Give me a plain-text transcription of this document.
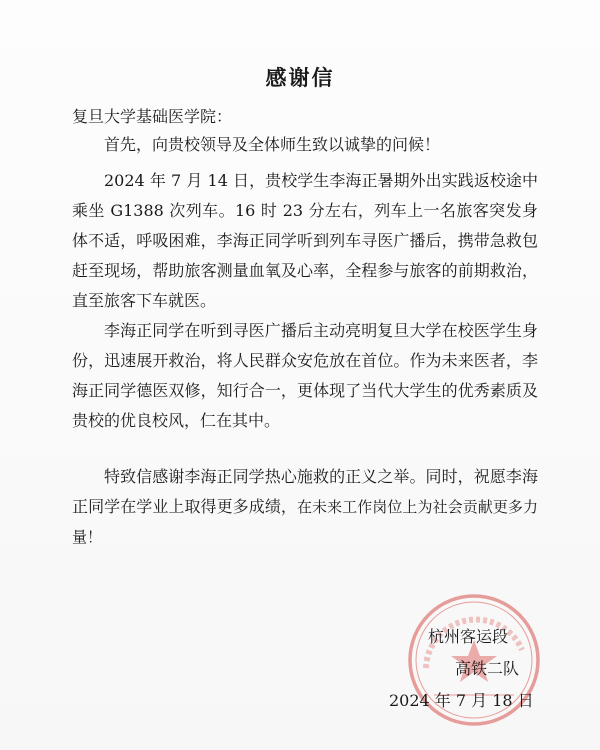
感谢信
复旦大学基础医学院：

首先，向贵校领导及全体师生致以诚挚的问候！

2024 年 7 月 14 日，贵校学生李海正暑期外出实践返校途中乘坐 G1388 次列车。16 时 23 分左右，列车上一名旅客突发身体不适，呼吸困难，李海正同学听到列车寻医广播后，携带急救包赶至现场，帮助旅客测量血氧及心率，全程参与旅客的前期救治，直至旅客下车就医。

李海正同学在听到寻医广播后主动亮明复旦大学在校医学生身份，迅速展开救治，将人民群众安危放在首位。作为未来医者，李海正同学德医双修，知行合一，更体现了当代大学生的优秀素质及贵校的优良校风，仁在其中。

特致信感谢李海正同学热心施救的正义之举。同时，祝愿李海正同学在学业上取得更多成绩，在未来工作岗位上为社会贡献更多力量！

杭州客运段
高铁二队
2024 年 7 月 18 日
